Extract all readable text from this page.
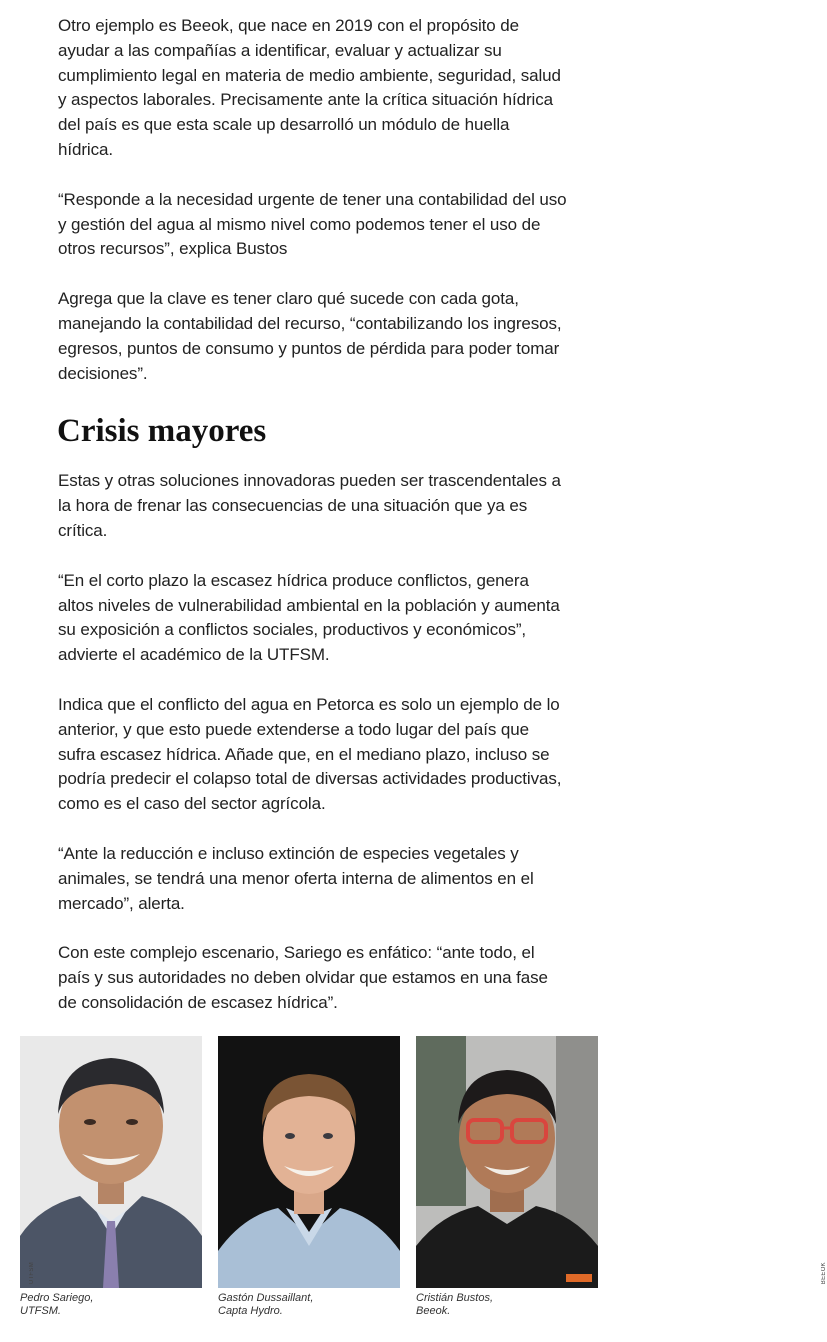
Otro ejemplo es Beeok, que nace en 2019 con el propósito de ayudar a las compañías a identificar, evaluar y actualizar su cumplimiento legal en materia de medio ambiente, seguridad, salud y aspectos laborales. Precisamente ante la crítica situación hídrica del país es que esta scale up desarrolló un módulo de huella hídrica.

“Responde a la necesidad urgente de tener una contabilidad del uso y gestión del agua al mismo nivel como podemos tener el uso de otros recursos”, explica Bustos

Agrega que la clave es tener claro qué sucede con cada gota, manejando la contabilidad del recurso, “contabilizando los ingresos, egresos, puntos de consumo y puntos de pérdida para poder tomar decisiones”.

Crisis mayores

Estas y otras soluciones innovadoras pueden ser trascendentales a la hora de frenar las consecuencias de una situación que ya es crítica.

“En el corto plazo la escasez hídrica produce conflictos, genera altos niveles de vulnerabilidad ambiental en la población y aumenta su exposición a conflictos sociales, productivos y económicos”, advierte el académico de la UTFSM.

Indica que el conflicto del agua en Petorca es solo un ejemplo de lo anterior, y que esto puede extenderse a todo lugar del país que sufra escasez hídrica. Añade que, en el mediano plazo, incluso se podría predecir el colapso total de diversas actividades productivas, como es el caso del sector agrícola.

“Ante la reducción e incluso extinción de especies vegetales y animales, se tendrá una menor oferta interna de alimentos en el mercado”, alerta.

Con este complejo escenario, Sariego es enfático: “ante todo, el país y sus autoridades no deben olvidar que estamos en una fase de consolidación de escasez hídrica”.

UTFSM	BEEOK
Pedro Sariego,
UTFSM.
Gastón Dussaillant,
Capta Hydro.
Cristián Bustos,
Beeok.
